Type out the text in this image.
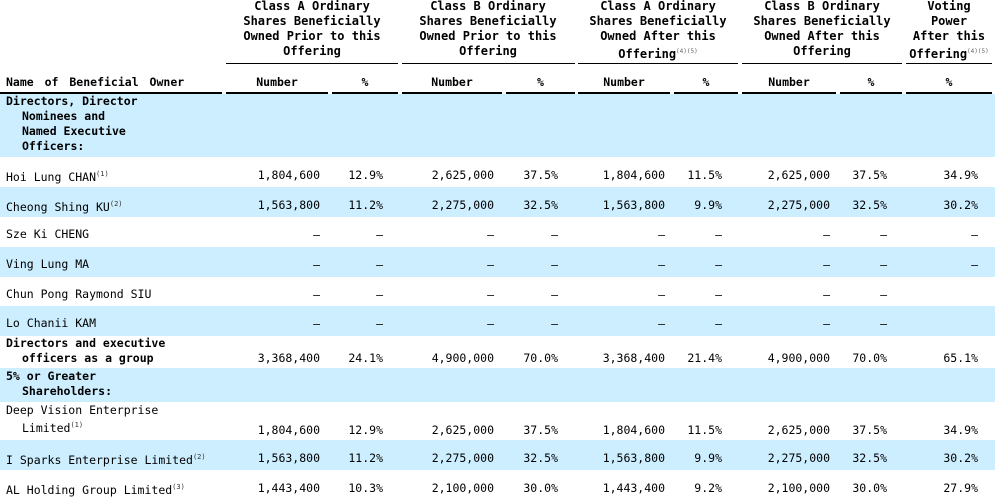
Class A Ordinary
Shares Beneficially
Owned Prior to this
Offering
Class B Ordinary
Shares Beneficially
Owned Prior to this
Offering
Class A Ordinary
Shares Beneficially
Owned After this
Offering$^{(4)(5)}$
Class B Ordinary
Shares Beneficially
Owned After this
Offering
Voting
Power
After this
Offering$^{(4)(5)}$
Name of Beneficial Owner	Number	%	Number	%	Number	%	Number	%	%
Directors, Director
Nominees and
Named Executive
Officers:
Hoi Lung CHAN$^{(1)}$	1,804,600	12.9%	2,625,000	37.5%	1,804,600	11.5%	2,625,000	37.5%	34.9%
Cheong Shing KU$^{(2)}$	1,563,800	11.2%	2,275,000	32.5%	1,563,800	9.9%	2,275,000	32.5%	30.2%
Sze Ki CHENG	—	—	—	—	—	—	—	—	—
Ving Lung MA	—	—	—	—	—	—	—	—	—
Chun Pong Raymond SIU	—	—	—	—	—	—	—	—
Lo Chanii KAM	—	—	—	—	—	—	—	—
Directors and executive
officers as a group	3,368,400	24.1%	4,900,000	70.0%	3,368,400	21.4%	4,900,000	70.0%	65.1%
5% or Greater
Shareholders:
Deep Vision Enterprise
Limited$^{(1)}$	1,804,600	12.9%	2,625,000	37.5%	1,804,600	11.5%	2,625,000	37.5%	34.9%
I Sparks Enterprise Limited$^{(2)}$	1,563,800	11.2%	2,275,000	32.5%	1,563,800	9.9%	2,275,000	32.5%	30.2%
AL Holding Group Limited$^{(3)}$	1,443,400	10.3%	2,100,000	30.0%	1,443,400	9.2%	2,100,000	30.0%	27.9%
